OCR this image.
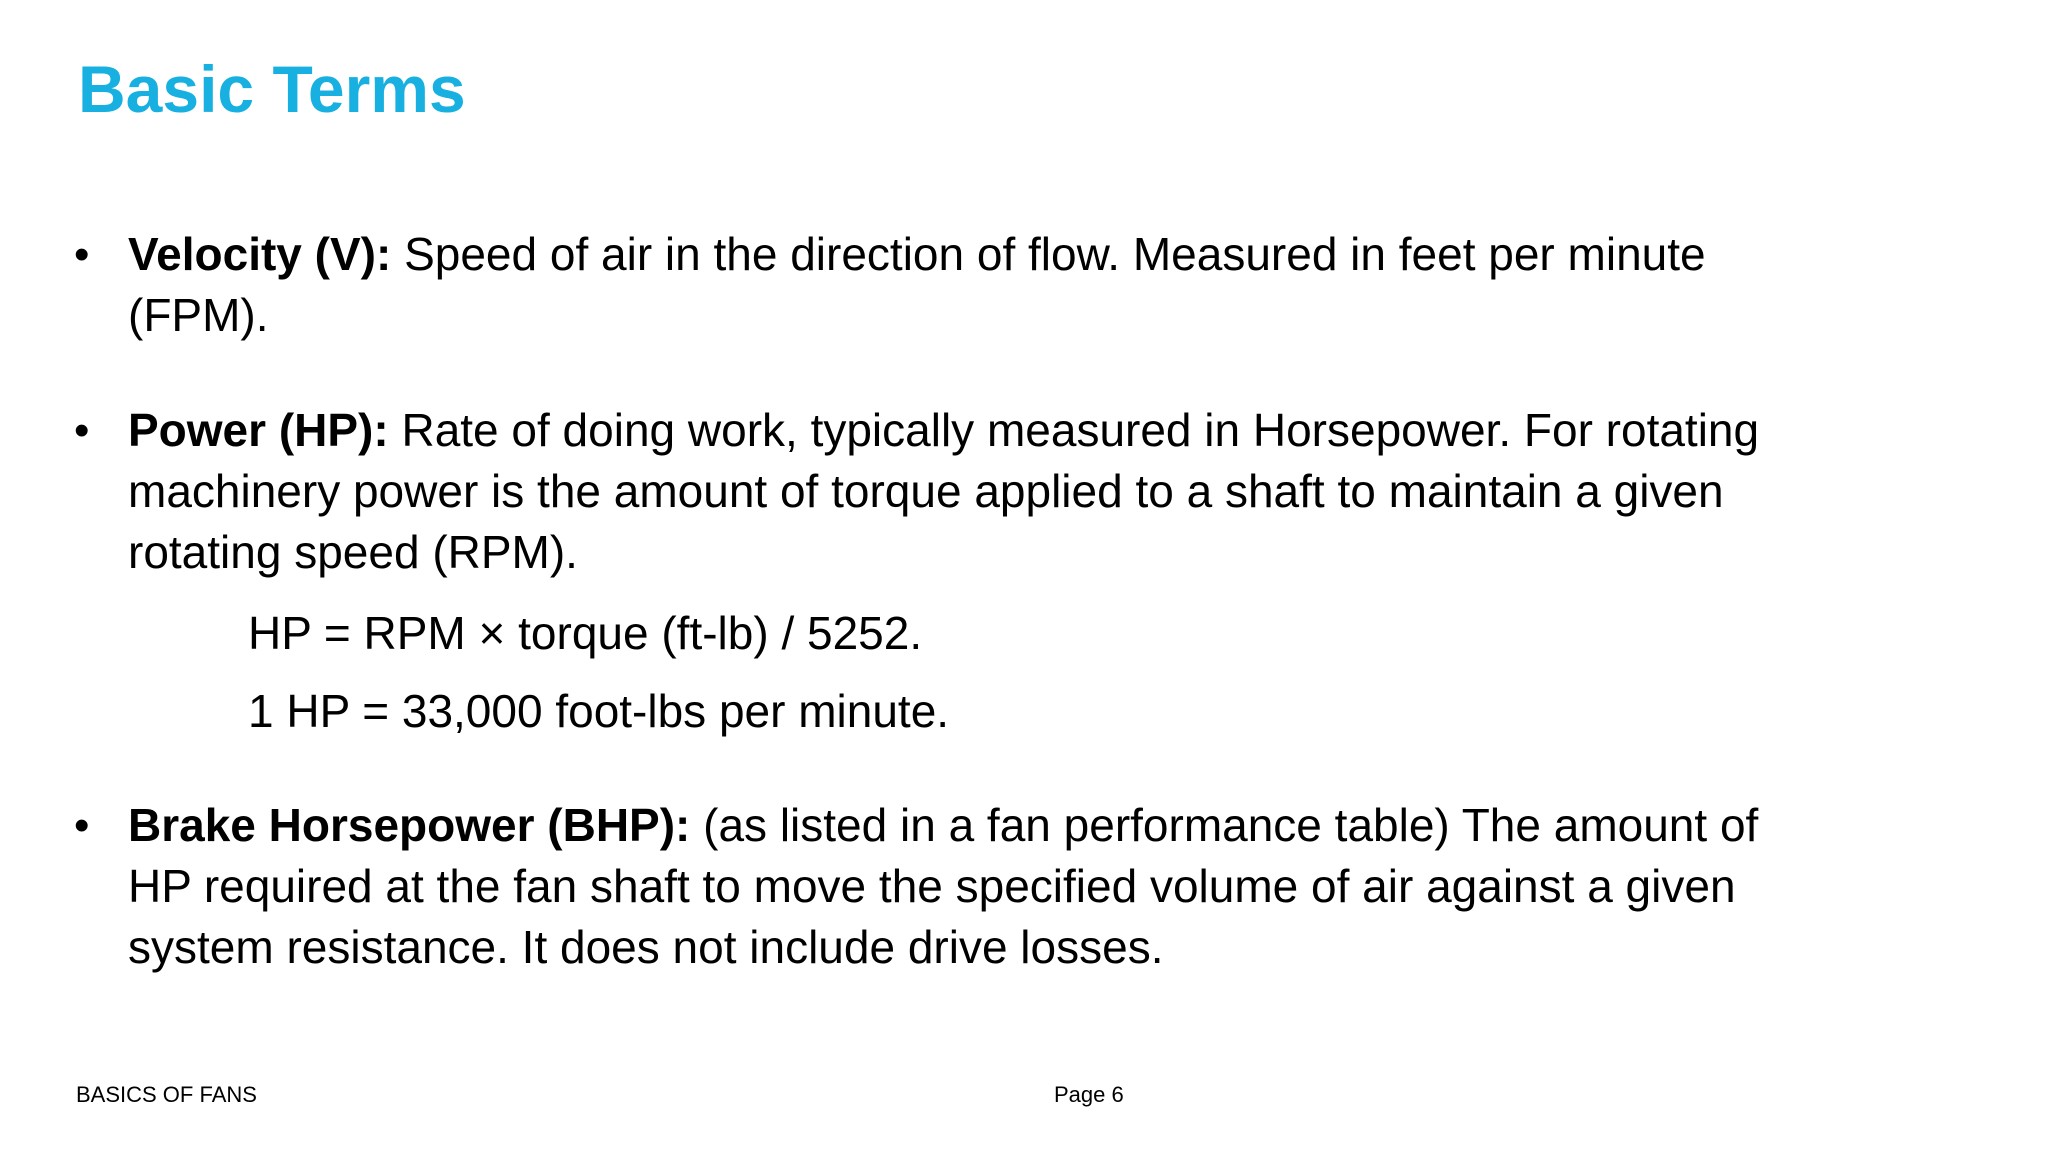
Basic Terms
• Velocity (V): Speed of air in the direction of flow. Measured in feet per minute
(FPM).
• Power (HP): Rate of doing work, typically measured in Horsepower. For rotating
machinery power is the amount of torque applied to a shaft to maintain a given
rotating speed (RPM).
HP = RPM × torque (ft-lb) / 5252.
1 HP = 33,000 foot-lbs per minute.
• Brake Horsepower (BHP): (as listed in a fan performance table) The amount of
HP required at the fan shaft to move the specified volume of air against a given
system resistance. It does not include drive losses.
BASICS OF FANS	Page 6
